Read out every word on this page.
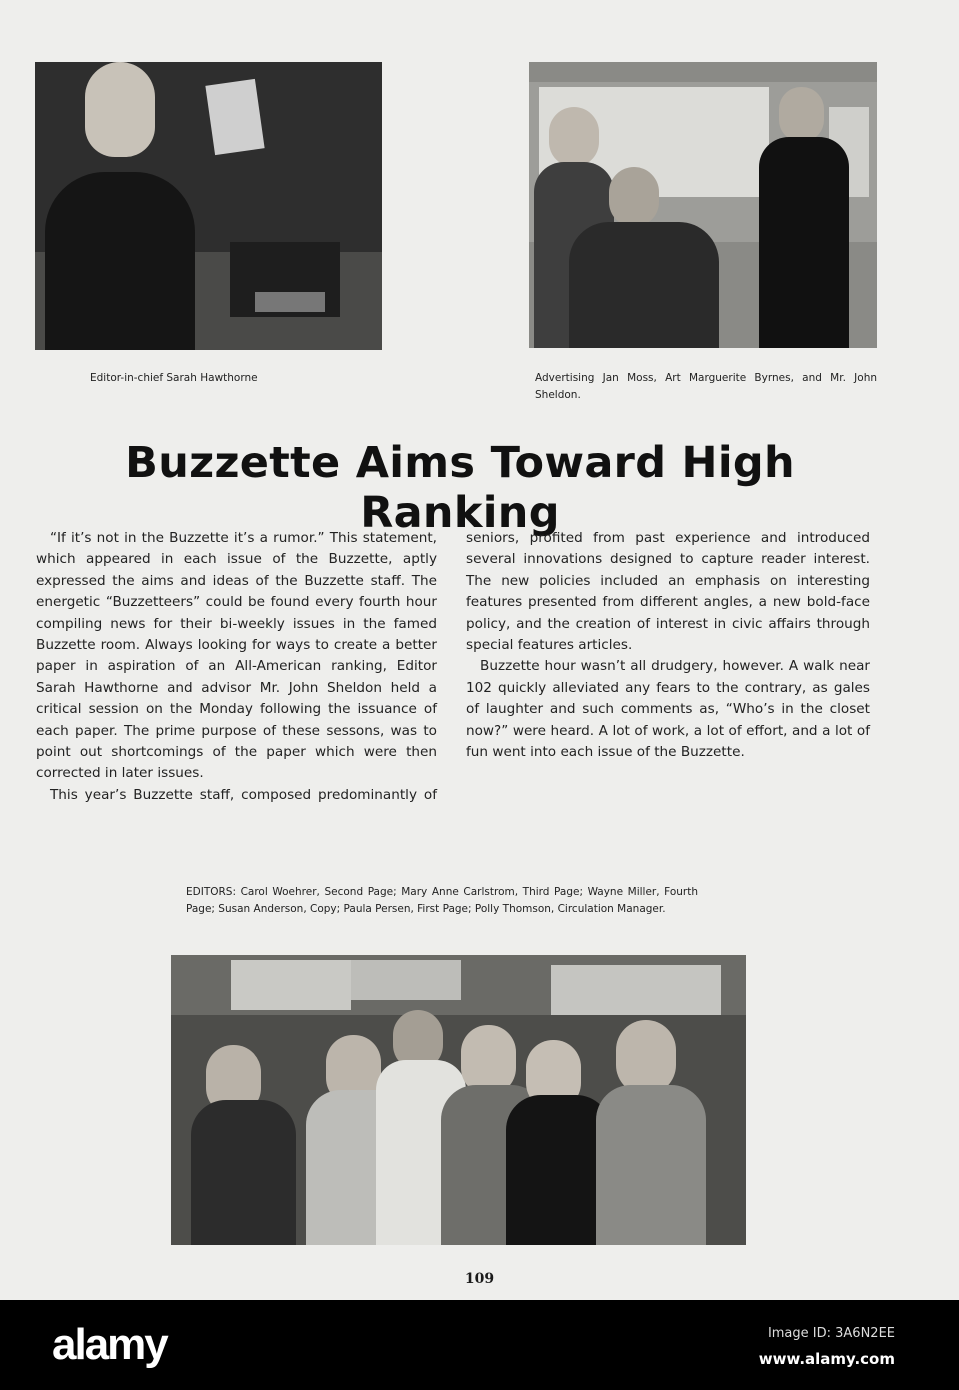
Editor-in-chief Sarah Hawthorne	Advertising Jan Moss, Art Marguerite Byrnes, and Mr. John Sheldon.
Buzzette Aims Toward High Ranking

“If it’s not in the Buzzette it’s a rumor.” This statement, which appeared in each issue of the Buzzette, aptly expressed the aims and ideas of the Buzzette staff. The energetic “Buzzetteers” could be found every fourth hour compiling news for their bi-weekly issues in the famed Buzzette room. Always looking for ways to create a better paper in aspiration of an All-American ranking, Editor Sarah Hawthorne and advisor Mr. John Sheldon held a critical session on the Monday following the issuance of each paper. The prime purpose of these sessons, was to point out shortcomings of the paper which were then corrected in later issues.

This year’s Buzzette staff, composed predominantly of

seniors, profited from past experience and introduced several innovations designed to capture reader interest. The new policies included an emphasis on interesting features presented from different angles, a new bold-face policy, and the creation of interest in civic affairs through special features articles.

Buzzette hour wasn’t all drudgery, however. A walk near 102 quickly alleviated any fears to the contrary, as gales of laughter and such comments as, “Who’s in the closet now?” were heard. A lot of work, a lot of effort, and a lot of fun went into each issue of the Buzzette.

EDITORS: Carol Woehrer, Second Page; Mary Anne Carlstrom, Third Page; Wayne Miller, Fourth Page; Susan Anderson, Copy; Paula Persen, First Page; Polly Thomson, Circulation Manager.
109
alamy	Image ID: 3A6N2EE
www.alamy.com
